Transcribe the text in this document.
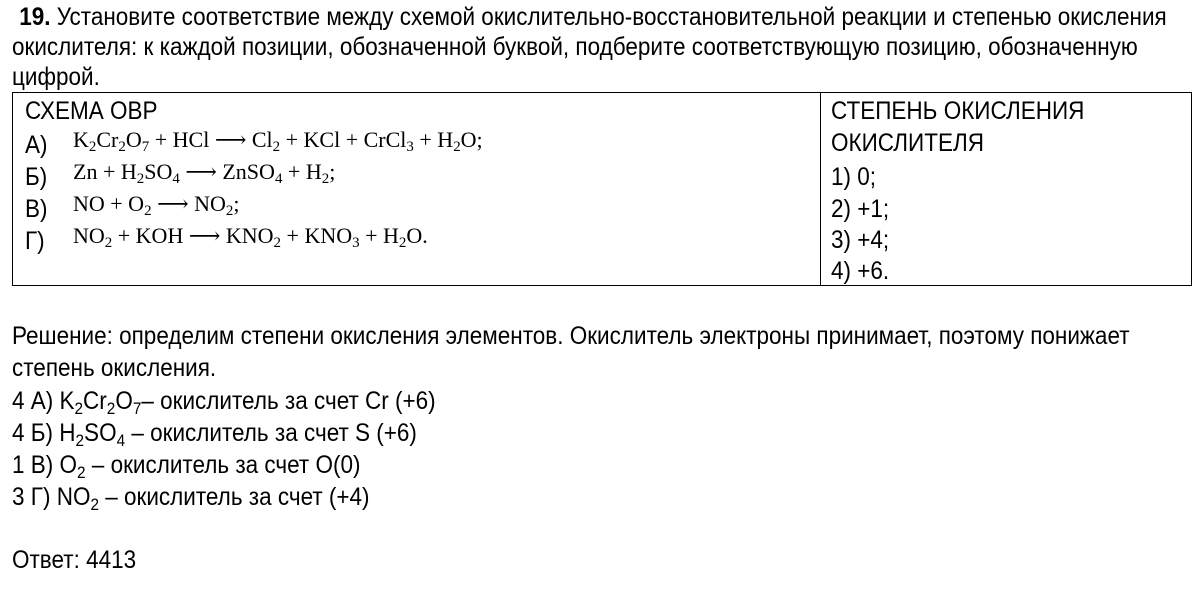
19. Установите соответствие между схемой окислительно-восстановительной реакции и степенью окисления
окислителя: к каждой позиции, обозначенной буквой, подберите соответствующую позицию, обозначенную
цифрой.
СХЕМА ОВР
А) $K_2Cr_2O_7$ + HCl ⟶ $Cl_2$ + KCl + CrCl$_3$ + $H_2O$;
Б) $Zn + H_2SO_4$ ⟶ ZnSO$_4$ + $H_2$;
В) NO + $O_2$ ⟶ $NO_2$;
Г) $NO_2$ + KOH ⟶ $KNO_2 + KNO_3 + H_2O$.
СТЕПЕНЬ ОКИСЛЕНИЯ
ОКИСЛИТЕЛЯ
1) 0;
2) +1;
3) +4;
4) +6.
Решение: определим степени окисления элементов. Окислитель электроны принимает, поэтому понижает
степень окисления.
4 А) $K_2Cr_2O_7-$ окислитель за счет Cr (+6)
4 Б) $H_2SO_4$ – окислитель за счет S (+6)
1 В) $O_2$ – окислитель за счет O(0)
3 Г) $NO_2$ – окислитель за счет (+4)
Ответ: 4413
